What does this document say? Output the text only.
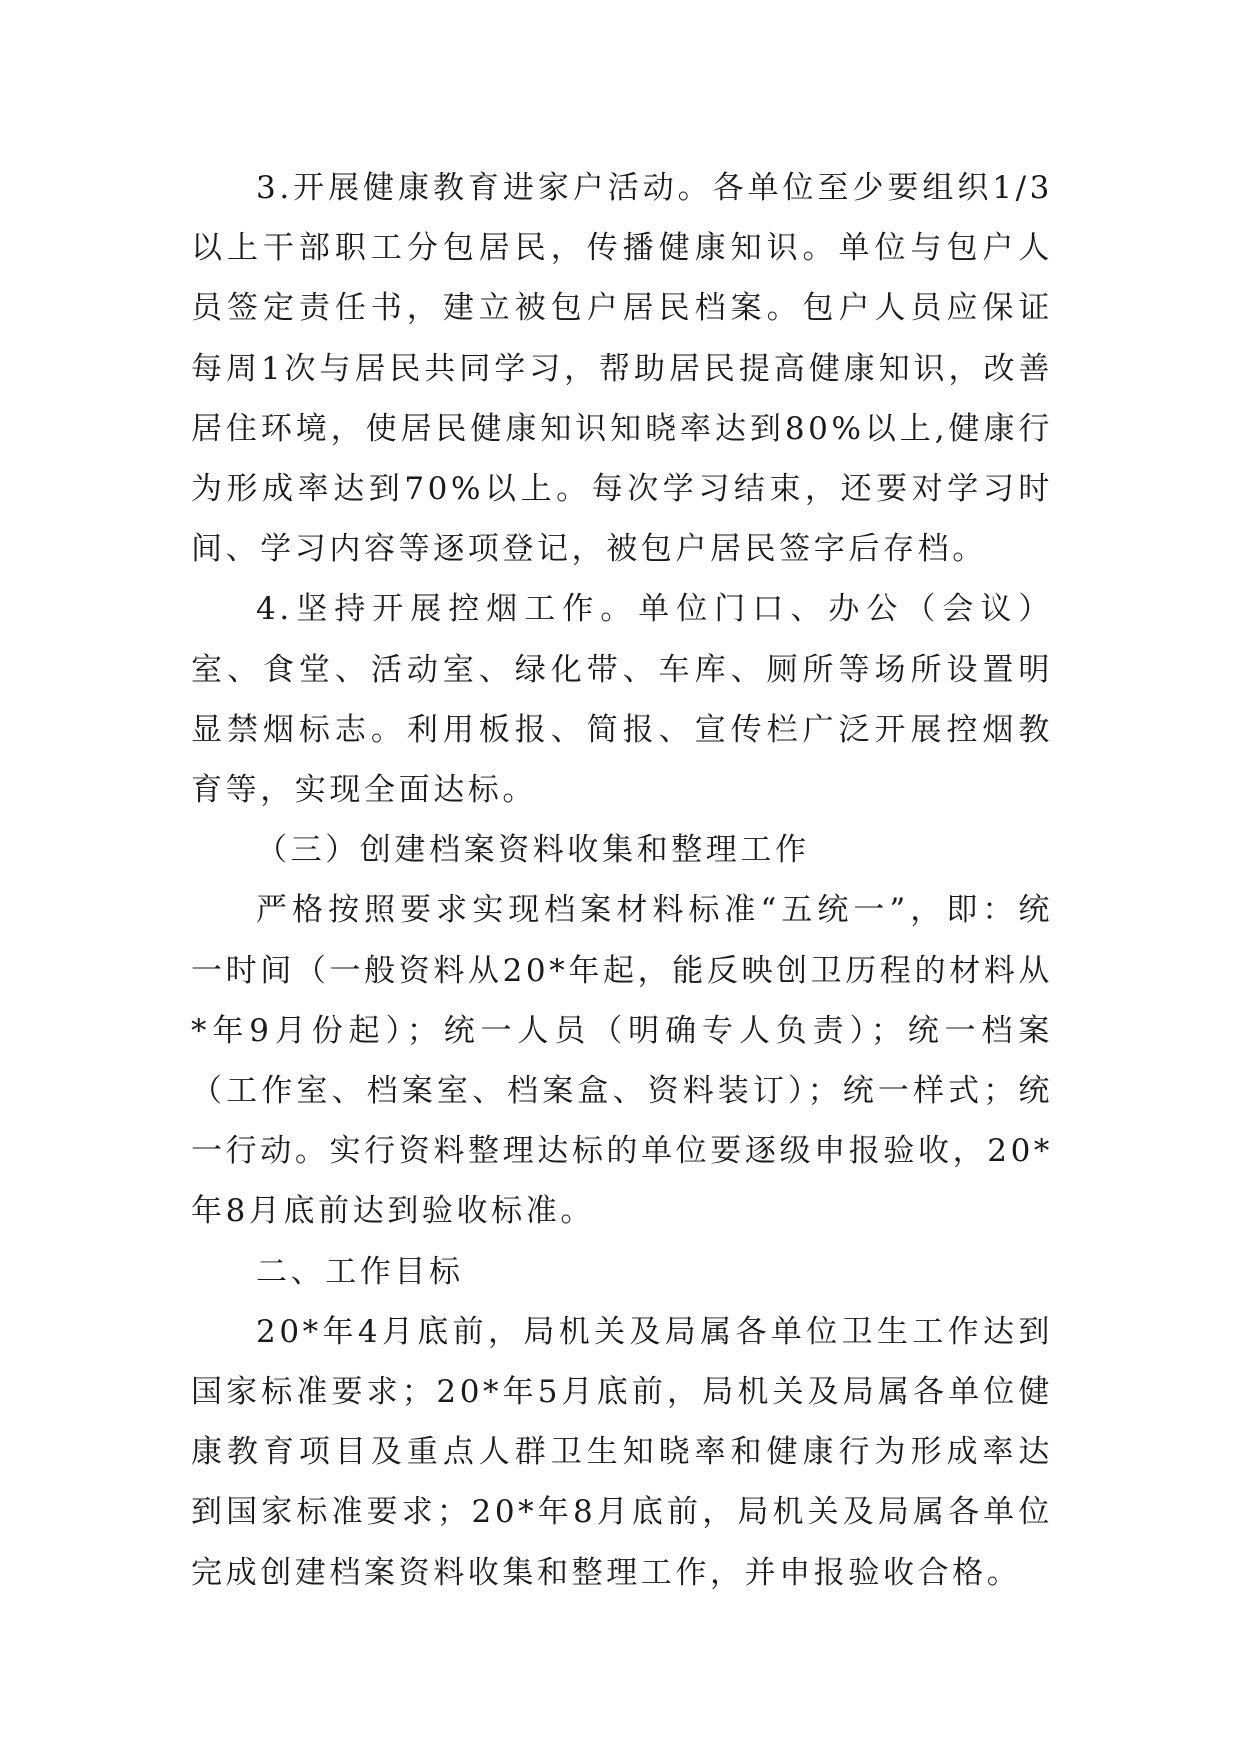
3.开展健康教育进家户活动。各单位至少要组织1/3以上干部职工分包居民，传播健康知识。单位与包户人员签定责任书，建立被包户居民档案。包户人员应保证每周1次与居民共同学习，帮助居民提高健康知识，改善居住环境，使居民健康知识知晓率达到80%以上,健康行为形成率达到70%以上。每次学习结束，还要对学习时间、学习内容等逐项登记，被包户居民签字后存档。

4.坚持开展控烟工作。单位门口、办公（会议）室、食堂、活动室、绿化带、车库、厕所等场所设置明显禁烟标志。利用板报、简报、宣传栏广泛开展控烟教育等，实现全面达标。

（三）创建档案资料收集和整理工作

严格按照要求实现档案材料标准“五统一”，即：统一时间（一般资料从20*年起，能反映创卫历程的材料从*年9月份起）；统一人员（明确专人负责）；统一档案（工作室、档案室、档案盒、资料装订）；统一样式；统一行动。实行资料整理达标的单位要逐级申报验收，20*年8月底前达到验收标准。

二、工作目标

20*年4月底前，局机关及局属各单位卫生工作达到国家标准要求；20*年5月底前，局机关及局属各单位健康教育项目及重点人群卫生知晓率和健康行为形成率达到国家标准要求；20*年8月底前，局机关及局属各单位完成创建档案资料收集和整理工作，并申报验收合格。
